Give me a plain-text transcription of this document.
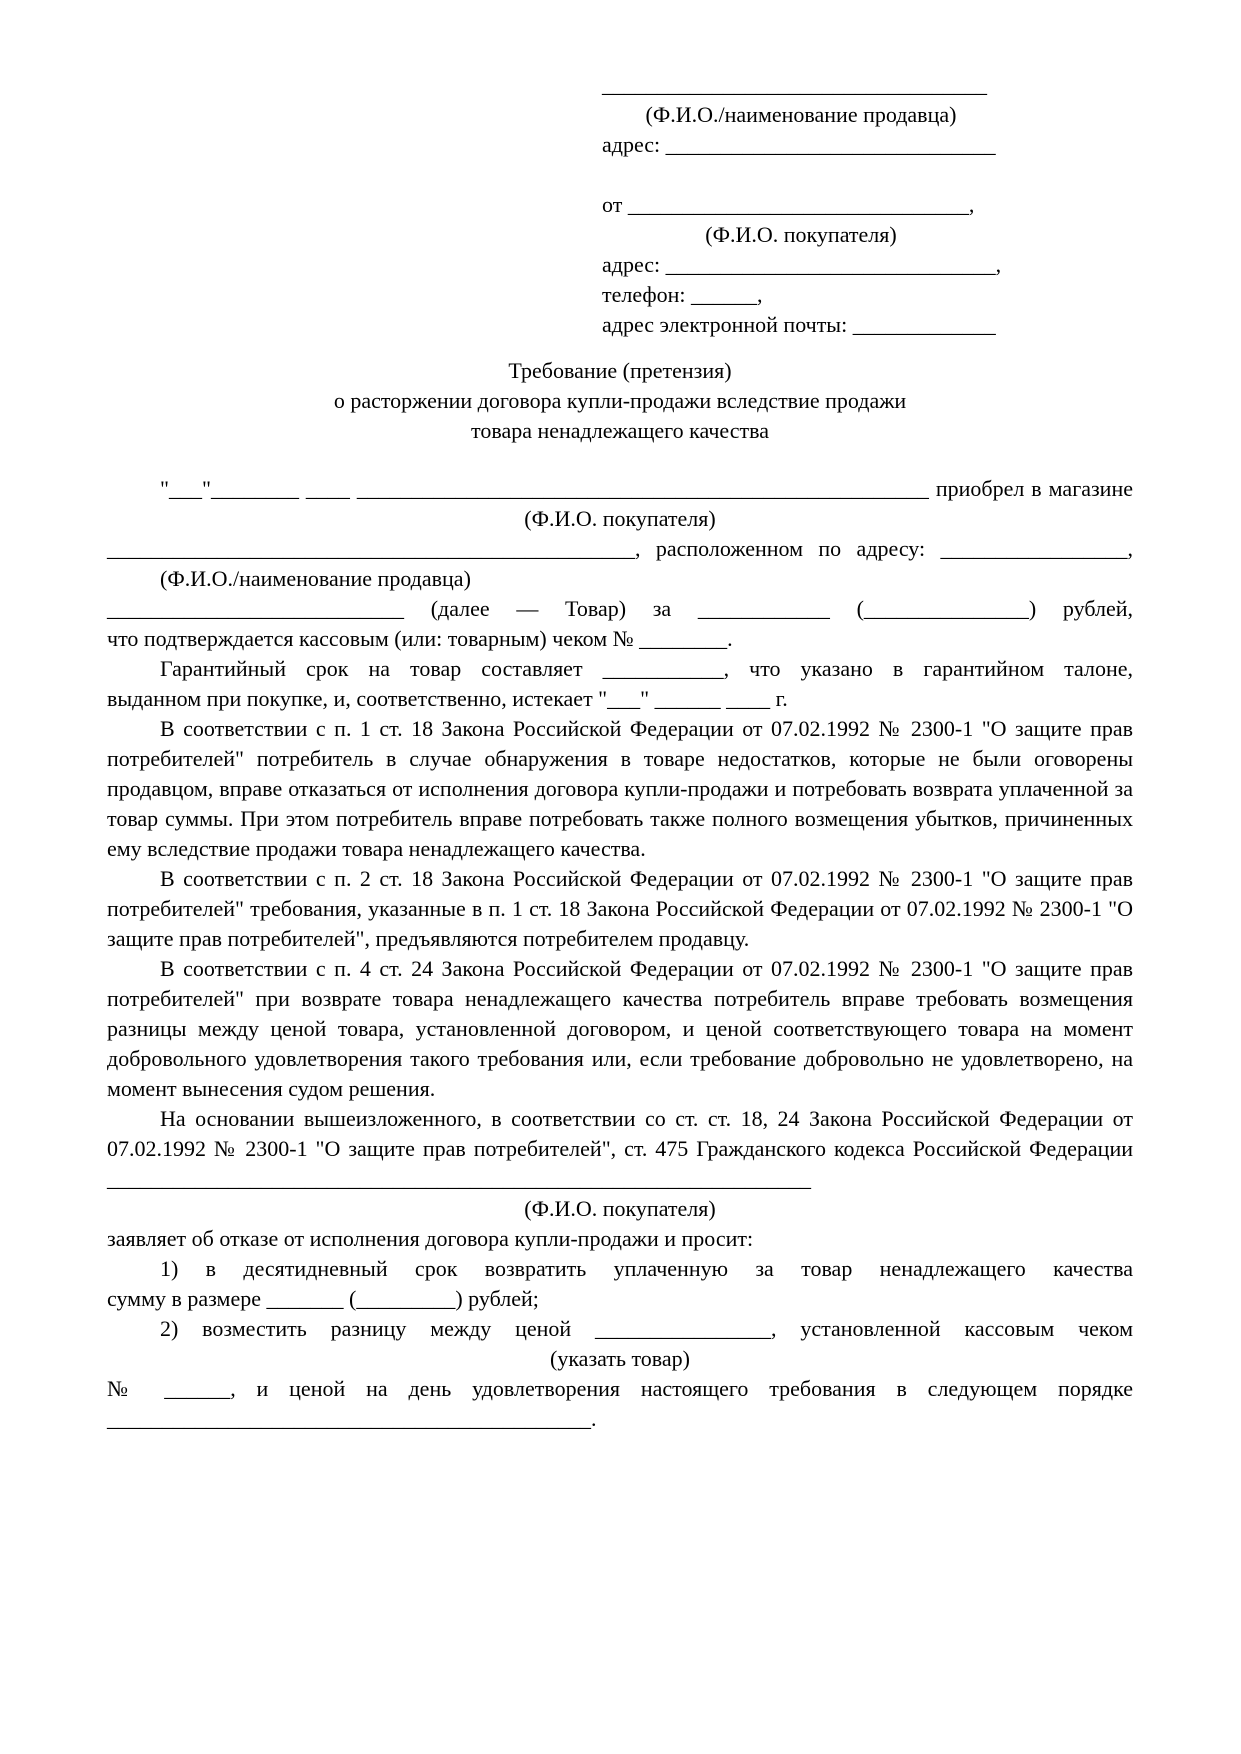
___________________________________
(Ф.И.О./наименование продавца)
адрес: ______________________________
от _______________________________,
(Ф.И.О. покупателя)
адрес: ______________________________,
телефон: ______,
адрес электронной почты: _____________
Требование (претензия)
о расторжении договора купли-продажи вследствие продажи
товара ненадлежащего качества
"___"________ ____ ____________________________________________________ приобрел в магазине
(Ф.И.О. покупателя)
________________________________________________, расположенном по адресу: _________________,
(Ф.И.О./наименование продавца)
___________________________ (далее — Товар) за ____________ (_______________) рублей,
что подтверждается кассовым (или: товарным) чеком № ________.
Гарантийный срок на товар составляет ___________, что указано в гарантийном талоне,
выданном при покупке, и, соответственно, истекает "___" ______ ____ г.
В соответствии с п. 1 ст. 18 Закона Российской Федерации от 07.02.1992 № 2300-1 "О защите прав потребителей" потребитель в случае обнаружения в товаре недостатков, которые не были оговорены продавцом, вправе отказаться от исполнения договора купли-продажи и потребовать возврата уплаченной за товар суммы. При этом потребитель вправе потребовать также полного возмещения убытков, причиненных ему вследствие продажи товара ненадлежащего качества.
В соответствии с п. 2 ст. 18 Закона Российской Федерации от 07.02.1992 № 2300-1 "О защите прав потребителей" требования, указанные в п. 1 ст. 18 Закона Российской Федерации от 07.02.1992 № 2300-1 "О защите прав потребителей", предъявляются потребителем продавцу.
В соответствии с п. 4 ст. 24 Закона Российской Федерации от 07.02.1992 № 2300-1 "О защите прав потребителей" при возврате товара ненадлежащего качества потребитель вправе требовать возмещения разницы между ценой товара, установленной договором, и ценой соответствующего товара на момент добровольного удовлетворения такого требования или, если требование добровольно не удовлетворено, на момент вынесения судом решения.
На основании вышеизложенного, в соответствии со ст. ст. 18, 24 Закона Российской Федерации от 07.02.1992 № 2300-1 "О защите прав потребителей", ст. 475 Гражданского кодекса Российской Федерации ________________________________________________________________
(Ф.И.О. покупателя)
заявляет об отказе от исполнения договора купли-продажи и просит:
1) в десятидневный срок возвратить уплаченную за товар ненадлежащего качества
сумму в размере _______ (_________) рублей;
2) возместить разницу между ценой ________________, установленной кассовым чеком
(указать товар)
№ ______, и ценой на день удовлетворения настоящего требования в следующем порядке
____________________________________________.
